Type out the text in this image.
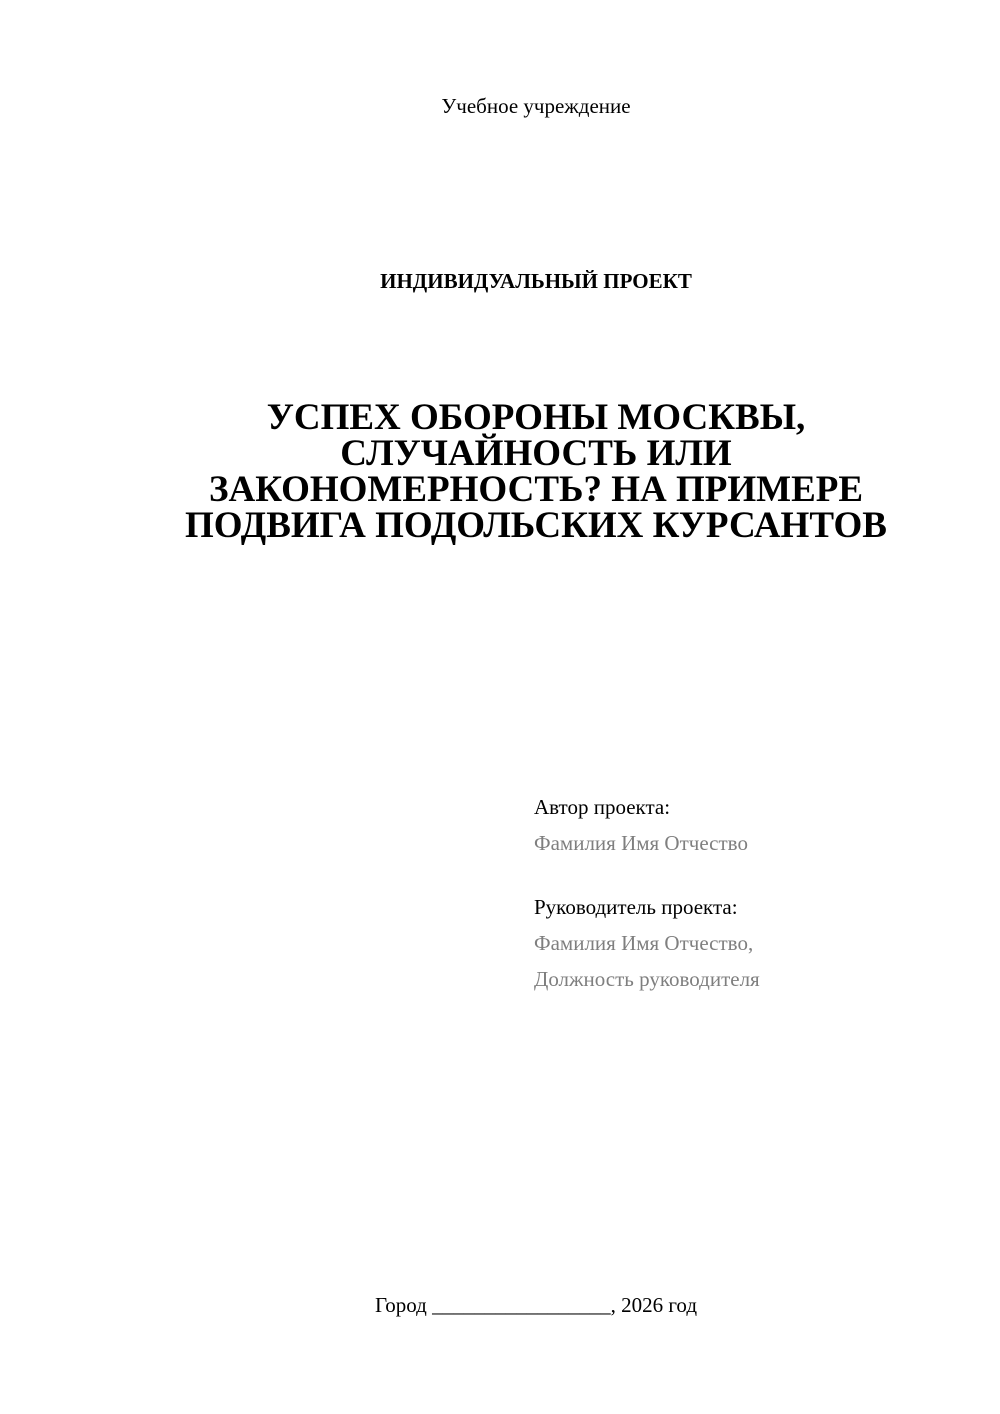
Учебное учреждение
ИНДИВИДУАЛЬНЫЙ ПРОЕКТ
УСПЕХ ОБОРОНЫ МОСКВЫ,
СЛУЧАЙНОСТЬ ИЛИ
ЗАКОНОМЕРНОСТЬ? НА ПРИМЕРЕ
ПОДВИГА ПОДОЛЬСКИХ КУРСАНТОВ
Автор проекта:
Фамилия Имя Отчество
Руководитель проекта:
Фамилия Имя Отчество,
Должность руководителя
Город _________________, 2026 год
